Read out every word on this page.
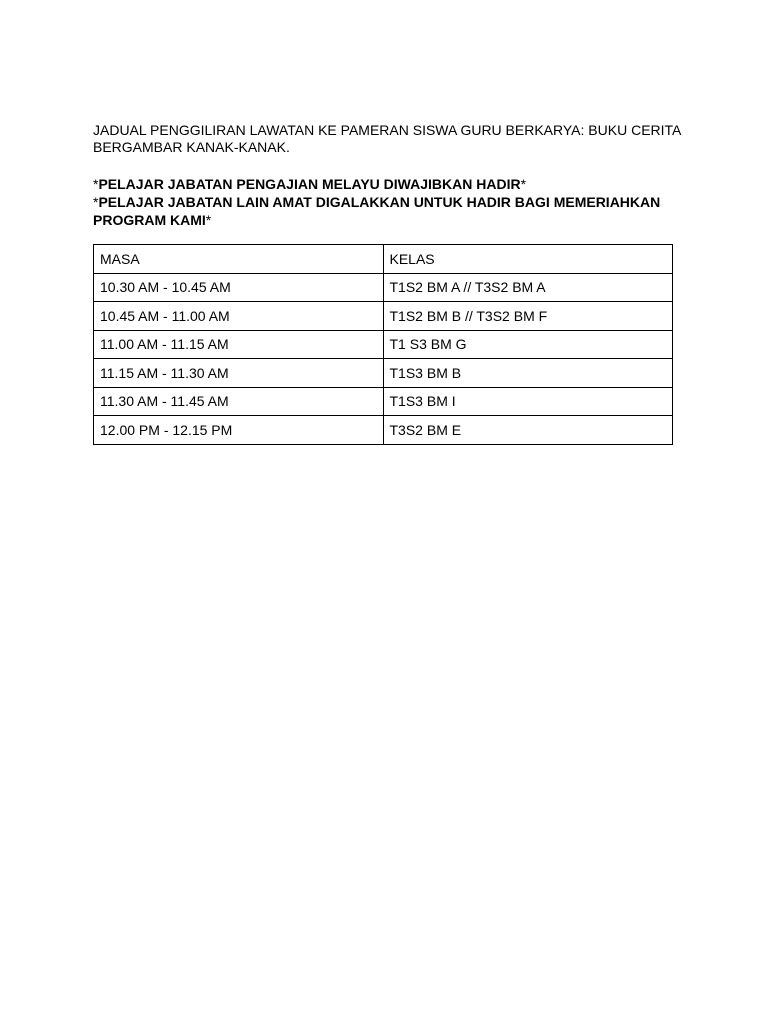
JADUAL PENGGILIRAN LAWATAN KE PAMERAN SISWA GURU BERKARYA: BUKU CERITA BERGAMBAR KANAK-KANAK.

*PELAJAR JABATAN PENGAJIAN MELAYU DIWAJIBKAN HADIR*

*PELAJAR JABATAN LAIN AMAT DIGALAKKAN UNTUK HADIR BAGI MEMERIAHKAN PROGRAM KAMI*

MASA	KELAS
10.30 AM - 10.45 AM	T1S2 BM A // T3S2 BM A
10.45 AM - 11.00 AM	T1S2 BM B // T3S2 BM F
11.00 AM - 11.15 AM	T1 S3 BM G
11.15 AM - 11.30 AM	T1S3 BM B
11.30 AM - 11.45 AM	T1S3 BM I
12.00 PM - 12.15 PM	T3S2 BM E
